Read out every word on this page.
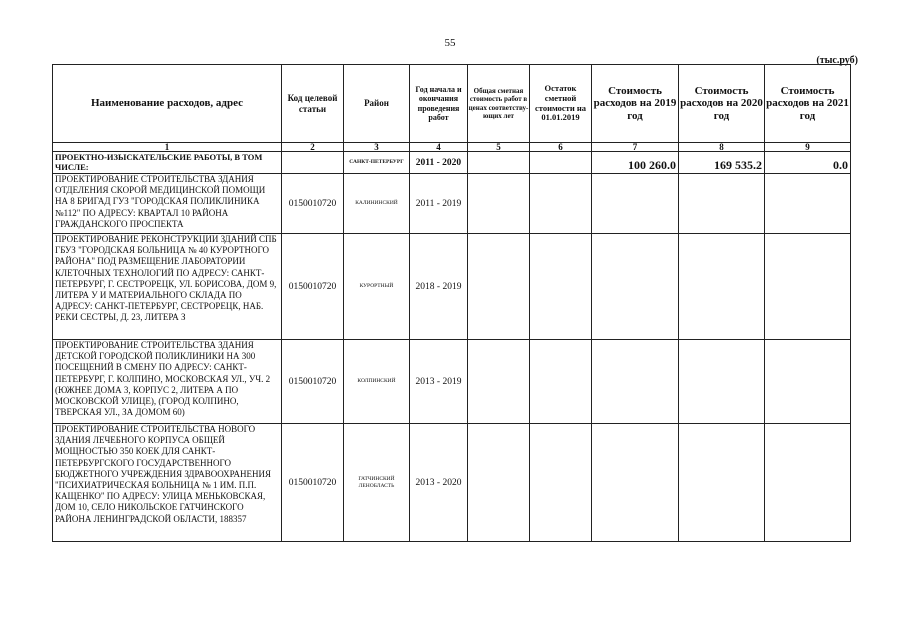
55
(тыс.руб)
Наименование расходов, адрес	Код целевой статьи	Район	Год начала и окончания проведения работ	Общая сметная стоимость работ в ценах соответству-ющих лет	Остаток сметной стоимости на 01.01.2019	Стоимость расходов на 2019 год	Стоимость расходов на 2020 год	Стоимость расходов на 2021 год
1	2	3	4	5	6	7	8	9
ПРОЕКТНО-ИЗЫСКАТЕЛЬСКИЕ РАБОТЫ, В ТОМ ЧИСЛЕ:		САНКТ-ПЕТЕРБУРГ	2011 - 2020			100 260.0	169 535.2	0.0
ПРОЕКТИРОВАНИЕ СТРОИТЕЛЬСТВА ЗДАНИЯ ОТДЕЛЕНИЯ СКОРОЙ МЕДИЦИНСКОЙ ПОМОЩИ НА 8 БРИГАД ГУЗ "ГОРОДСКАЯ ПОЛИКЛИНИКА №112" ПО АДРЕСУ: КВАРТАЛ 10 РАЙОНА ГРАЖДАНСКОГО ПРОСПЕКТА	0150010720	КАЛИНИНСКИЙ	2011 - 2019					
ПРОЕКТИРОВАНИЕ РЕКОНСТРУКЦИИ ЗДАНИЙ СПБ ГБУЗ "ГОРОДСКАЯ БОЛЬНИЦА № 40 КУРОРТНОГО РАЙОНА" ПОД РАЗМЕЩЕНИЕ ЛАБОРАТОРИИ КЛЕТОЧНЫХ ТЕХНОЛОГИЙ ПО АДРЕСУ: САНКТ-ПЕТЕРБУРГ, Г. СЕСТРОРЕЦК, УЛ. БОРИСОВА, ДОМ 9, ЛИТЕРА У И МАТЕРИАЛЬНОГО СКЛАДА ПО АДРЕСУ: САНКТ-ПЕТЕРБУРГ, СЕСТРОРЕЦК, НАБ. РЕКИ СЕСТРЫ, Д. 23, ЛИТЕРА З	0150010720	КУРОРТНЫЙ	2018 - 2019					
ПРОЕКТИРОВАНИЕ СТРОИТЕЛЬСТВА ЗДАНИЯ ДЕТСКОЙ ГОРОДСКОЙ ПОЛИКЛИНИКИ НА 300 ПОСЕЩЕНИЙ В СМЕНУ ПО АДРЕСУ: САНКТ-ПЕТЕРБУРГ, Г. КОЛПИНО, МОСКОВСКАЯ УЛ., УЧ. 2 (ЮЖНЕЕ ДОМА 3, КОРПУС 2, ЛИТЕРА А ПО МОСКОВСКОЙ УЛИЦЕ), (ГОРОД КОЛПИНО, ТВЕРСКАЯ УЛ., ЗА ДОМОМ 60)	0150010720	КОЛПИНСКИЙ	2013 - 2019					
ПРОЕКТИРОВАНИЕ СТРОИТЕЛЬСТВА НОВОГО ЗДАНИЯ ЛЕЧЕБНОГО КОРПУСА ОБЩЕЙ МОЩНОСТЬЮ 350 КОЕК ДЛЯ САНКТ-ПЕТЕРБУРГСКОГО ГОСУДАРСТВЕННОГО БЮДЖЕТНОГО УЧРЕЖДЕНИЯ ЗДРАВООХРАНЕНИЯ "ПСИХИАТРИЧЕСКАЯ БОЛЬНИЦА № 1 ИМ. П.П. КАЩЕНКО" ПО АДРЕСУ: УЛИЦА МЕНЬКОВСКАЯ, ДОМ 10, СЕЛО НИКОЛЬСКОЕ ГАТЧИНСКОГО РАЙОНА ЛЕНИНГРАДСКОЙ ОБЛАСТИ, 188357	0150010720	ГАТЧИНСКИЙ ЛЕНОБЛАСТЬ	2013 - 2020					
